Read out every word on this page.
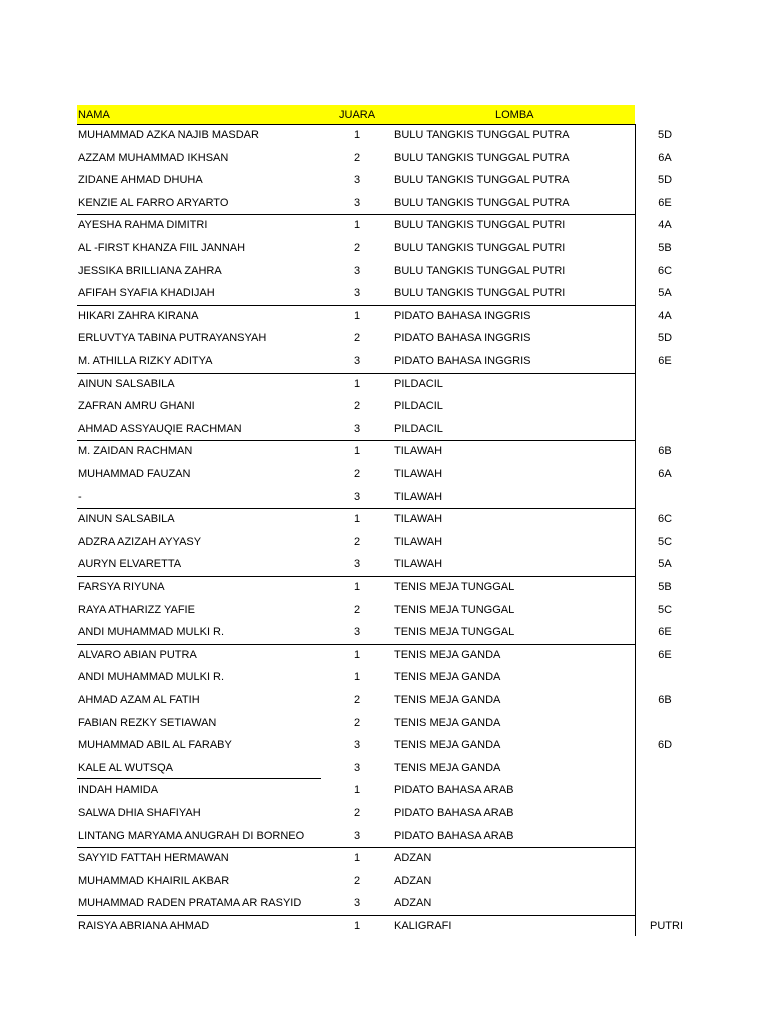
NAMA	JUARA	LOMBA
MUHAMMAD AZKA NAJIB MASDAR	1	BULU TANGKIS TUNGGAL PUTRA	5D
AZZAM MUHAMMAD IKHSAN	2	BULU TANGKIS TUNGGAL PUTRA	6A
ZIDANE AHMAD DHUHA	3	BULU TANGKIS TUNGGAL PUTRA	5D
KENZIE AL FARRO ARYARTO	3	BULU TANGKIS TUNGGAL PUTRA	6E
AYESHA RAHMA DIMITRI	1	BULU TANGKIS TUNGGAL PUTRI	4A
AL -FIRST KHANZA FIIL JANNAH	2	BULU TANGKIS TUNGGAL PUTRI	5B
JESSIKA BRILLIANA ZAHRA	3	BULU TANGKIS TUNGGAL PUTRI	6C
AFIFAH SYAFIA KHADIJAH	3	BULU TANGKIS TUNGGAL PUTRI	5A
HIKARI ZAHRA KIRANA	1	PIDATO BAHASA INGGRIS	4A
ERLUVTYA TABINA PUTRAYANSYAH	2	PIDATO BAHASA INGGRIS	5D
M. ATHILLA RIZKY ADITYA	3	PIDATO BAHASA INGGRIS	6E
AINUN SALSABILA	1	PILDACIL
ZAFRAN AMRU GHANI	2	PILDACIL
AHMAD ASSYAUQIE RACHMAN	3	PILDACIL
M. ZAIDAN RACHMAN	1	TILAWAH	6B
MUHAMMAD FAUZAN	2	TILAWAH	6A
-	3	TILAWAH
AINUN SALSABILA	1	TILAWAH	6C
ADZRA AZIZAH AYYASY	2	TILAWAH	5C
AURYN ELVARETTA	3	TILAWAH	5A
FARSYA RIYUNA	1	TENIS MEJA TUNGGAL	5B
RAYA ATHARIZZ YAFIE	2	TENIS MEJA TUNGGAL	5C
ANDI MUHAMMAD MULKI R.	3	TENIS MEJA TUNGGAL	6E
ALVARO ABIAN PUTRA	1	TENIS MEJA GANDA	6E
ANDI MUHAMMAD MULKI R.	1	TENIS MEJA GANDA
AHMAD AZAM AL FATIH	2	TENIS MEJA GANDA	6B
FABIAN REZKY SETIAWAN	2	TENIS MEJA GANDA
MUHAMMAD ABIL AL FARABY	3	TENIS MEJA GANDA	6D
KALE AL WUTSQA	3	TENIS MEJA GANDA
INDAH HAMIDA	1	PIDATO BAHASA ARAB
SALWA DHIA SHAFIYAH	2	PIDATO BAHASA ARAB
LINTANG MARYAMA ANUGRAH DI BORNEO	3	PIDATO BAHASA ARAB
SAYYID FATTAH HERMAWAN	1	ADZAN
MUHAMMAD KHAIRIL AKBAR	2	ADZAN
MUHAMMAD RADEN PRATAMA AR RASYID	3	ADZAN
RAISYA ABRIANA AHMAD	1	KALIGRAFI	PUTRI
